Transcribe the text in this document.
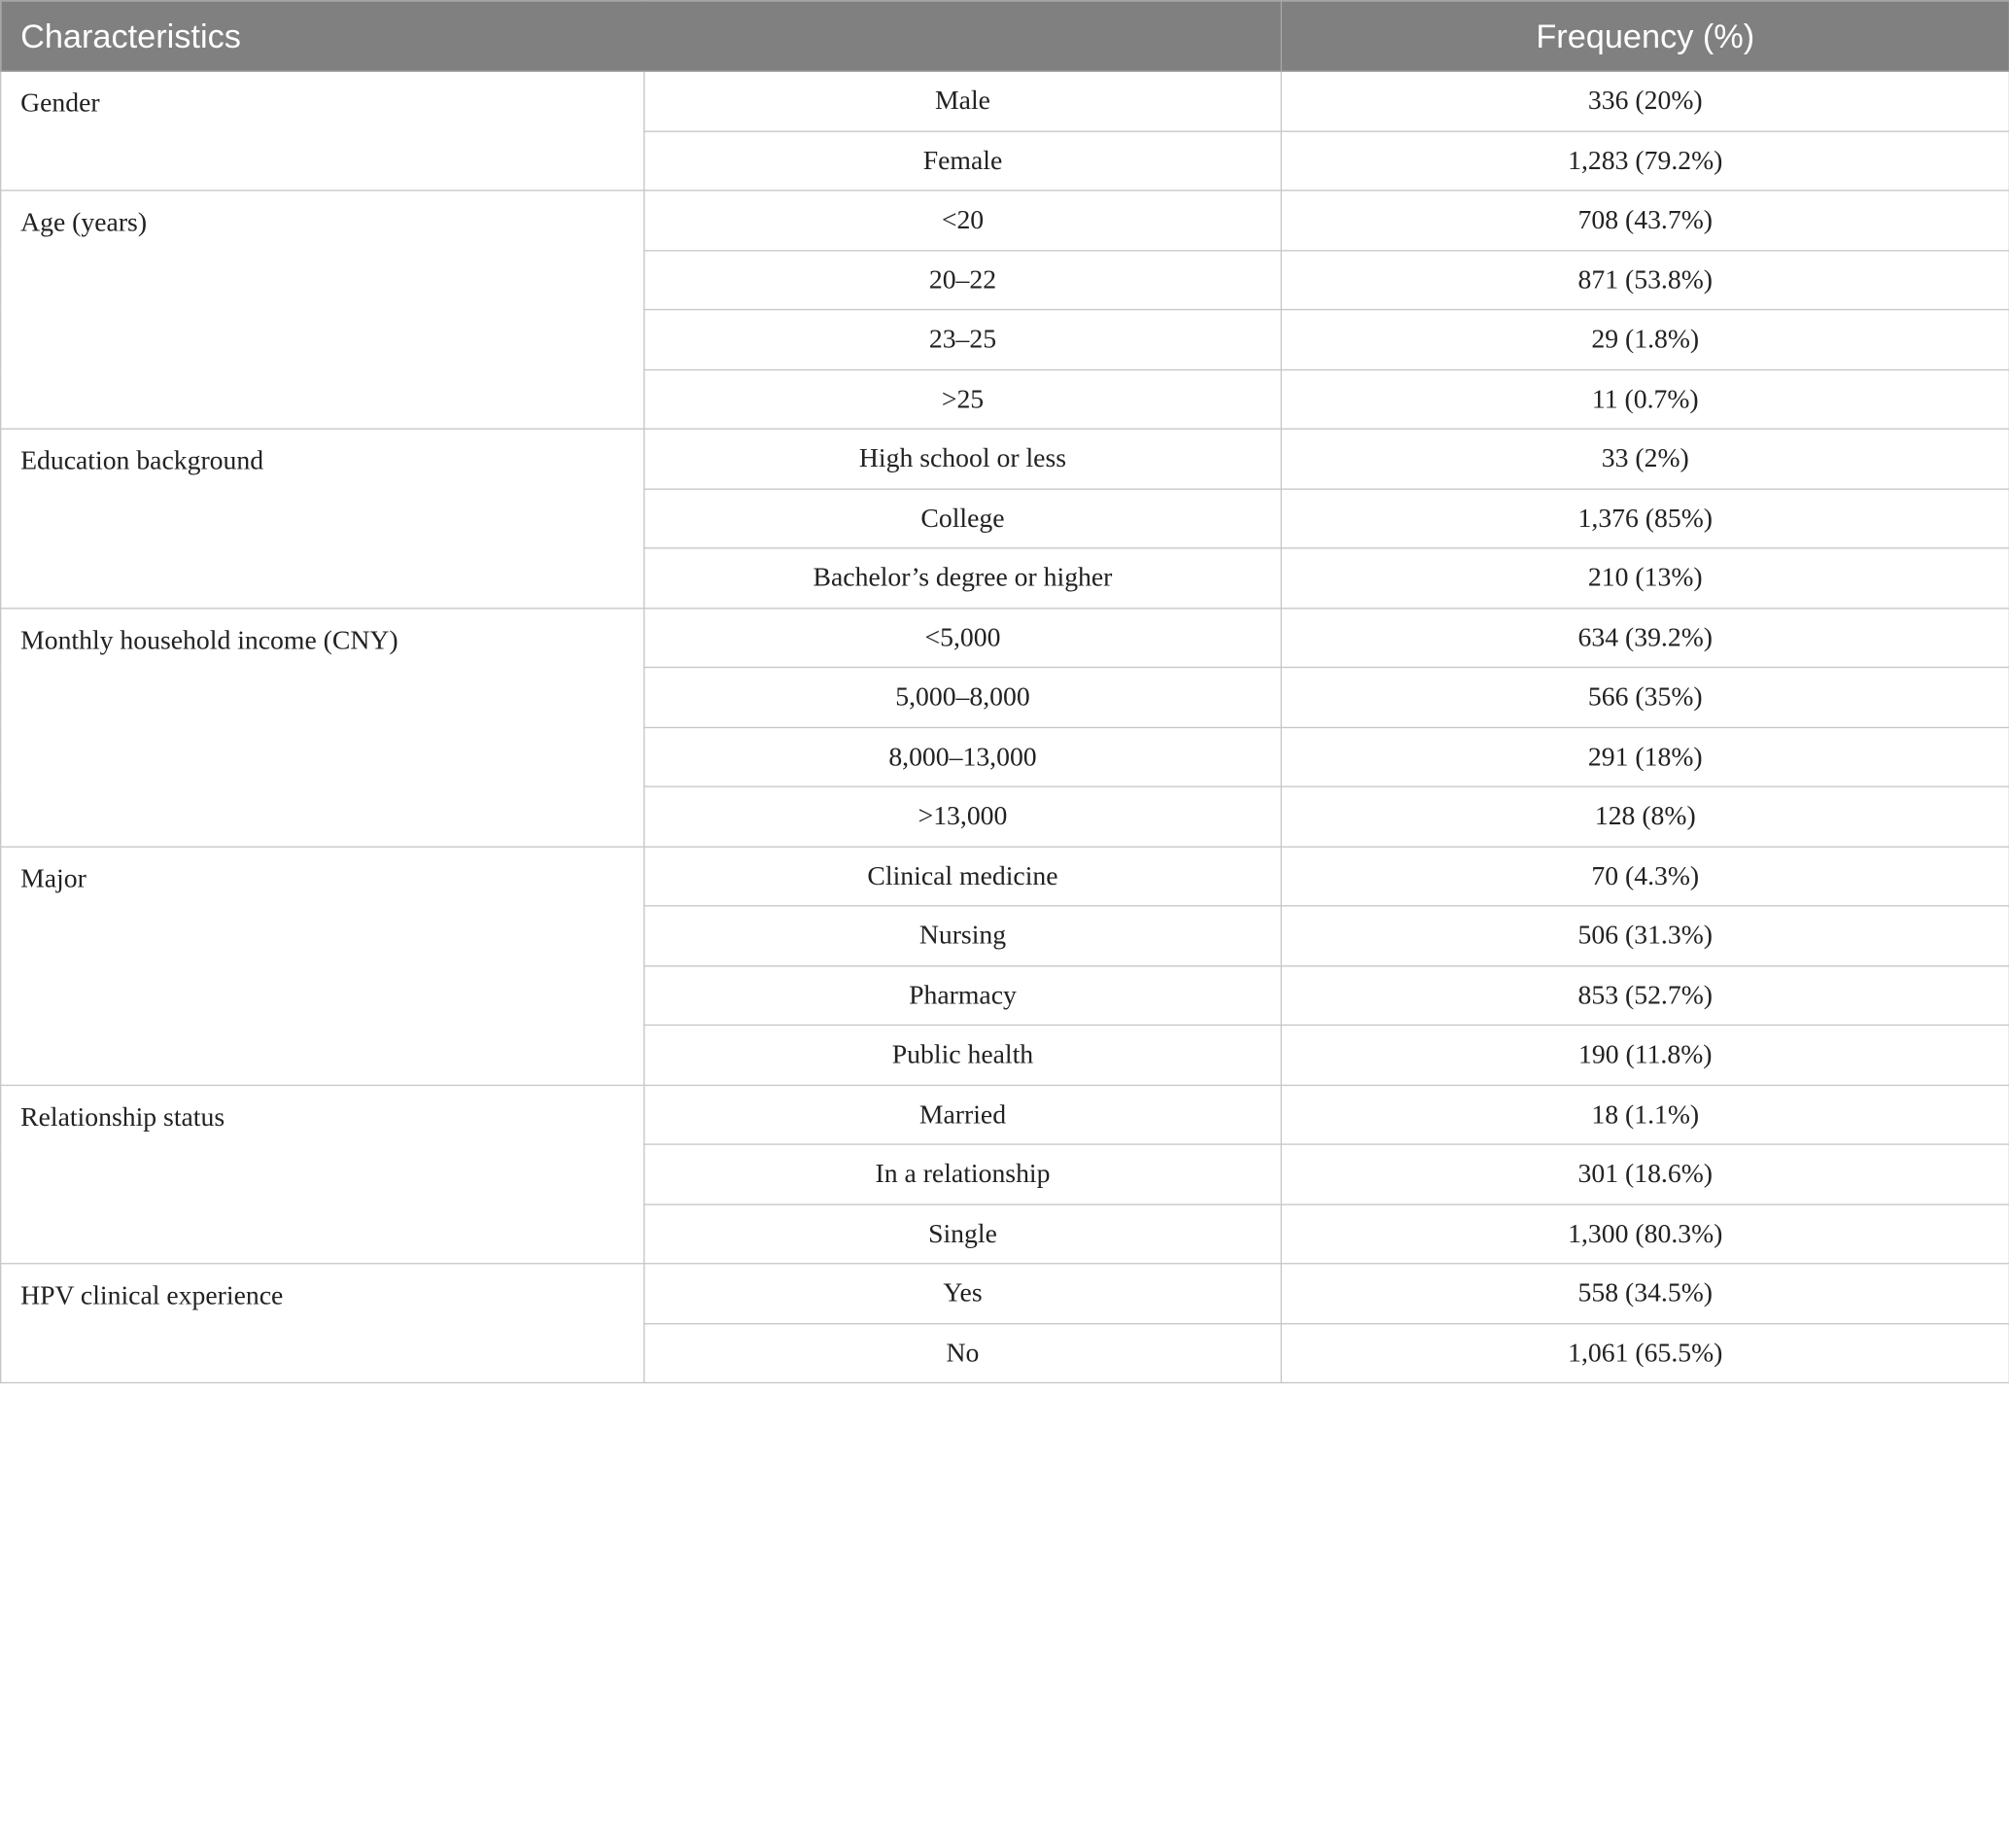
Characteristics		Frequency (%)
Gender	Male	336 (20%)
	Female	1,283 (79.2%)
Age (years)	<20	708 (43.7%)
	20–22	871 (53.8%)
	23–25	29 (1.8%)
	>25	11 (0.7%)
Education background	High school or less	33 (2%)
	College	1,376 (85%)
	Bachelor’s degree or higher	210 (13%)
Monthly household income (CNY)	<5,000	634 (39.2%)
	5,000–8,000	566 (35%)
	8,000–13,000	291 (18%)
	>13,000	128 (8%)
Major	Clinical medicine	70 (4.3%)
	Nursing	506 (31.3%)
	Pharmacy	853 (52.7%)
	Public health	190 (11.8%)
Relationship status	Married	18 (1.1%)
	In a relationship	301 (18.6%)
	Single	1,300 (80.3%)
HPV clinical experience	Yes	558 (34.5%)
	No	1,061 (65.5%)
